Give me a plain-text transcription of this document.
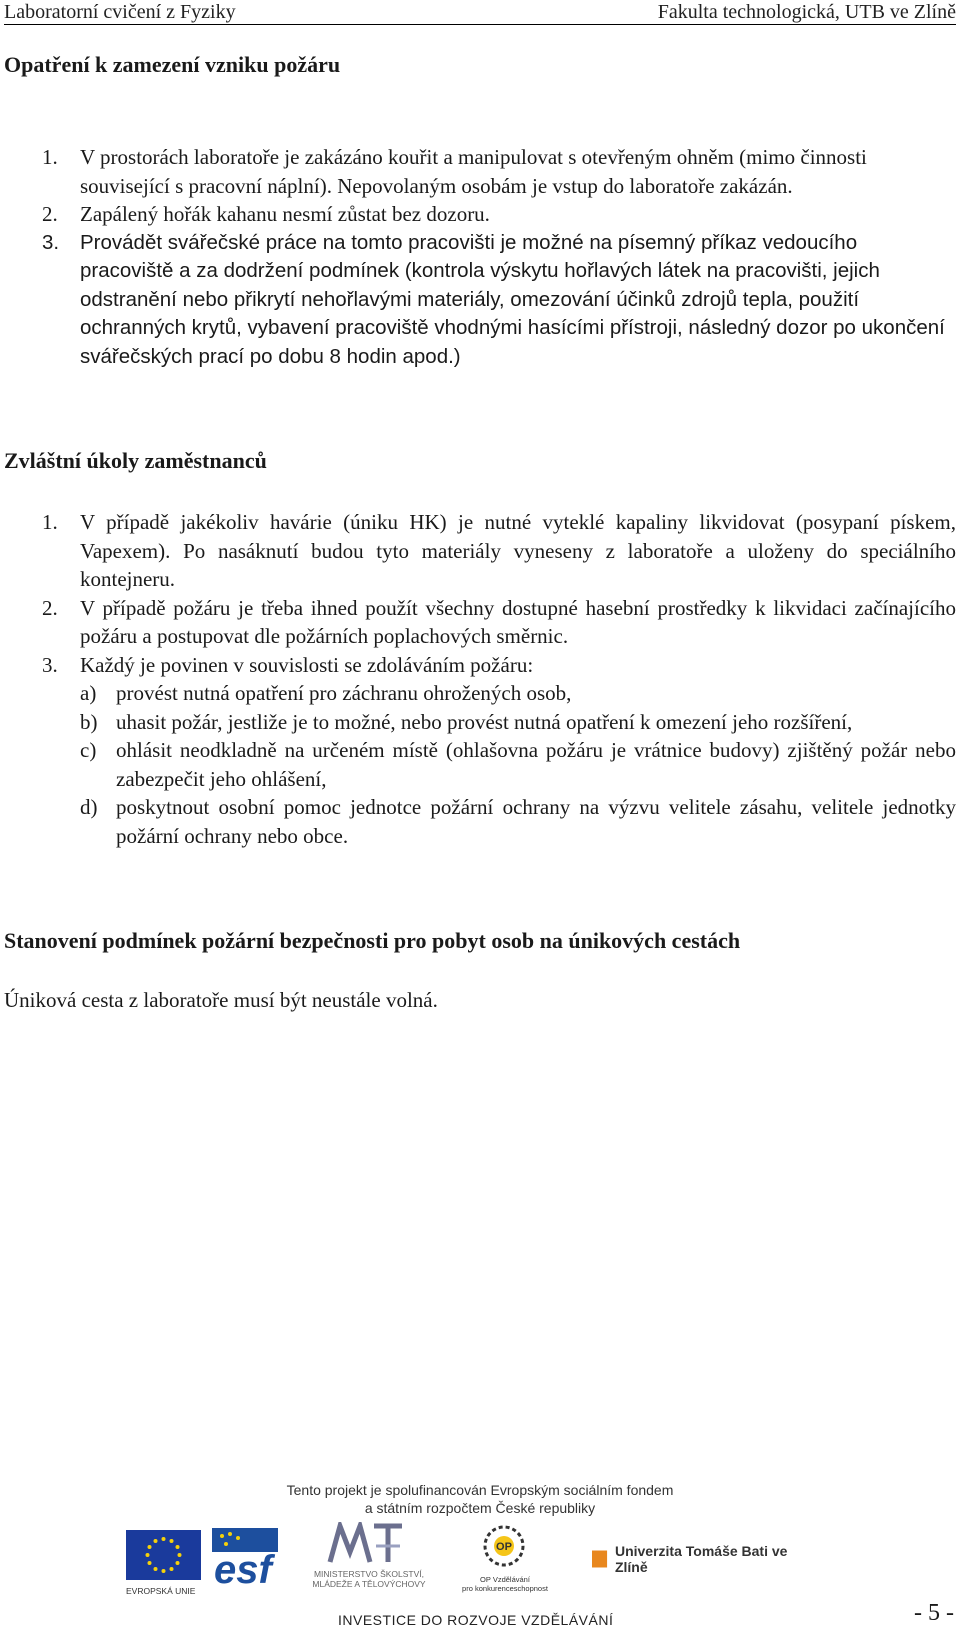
Laboratorní cvičení z Fyziky	Fakulta technologická, UTB ve Zlíně
Opatření k zamezení vzniku požáru
1. V prostorách laboratoře je zakázáno kouřit a manipulovat s otevřeným ohněm (mimo činnosti související s pracovní náplní). Nepovolaným osobám je vstup do laboratoře zakázán.
2. Zapálený hořák kahanu nesmí zůstat bez dozoru.
3. Provádět svářečské práce na tomto pracovišti je možné na písemný příkaz vedoucího pracoviště a za dodržení podmínek (kontrola výskytu hořlavých látek na pracovišti, jejich odstranění nebo přikrytí nehořlavými materiály, omezování účinků zdrojů tepla, použití ochranných krytů, vybavení pracoviště vhodnými hasícími přístroji, následný dozor po ukončení svářečských prací po dobu 8 hodin apod.)
Zvláštní úkoly zaměstnanců
1. V případě jakékoliv havárie (úniku HK) je nutné vyteklé kapaliny likvidovat (posypaní pískem, Vapexem). Po nasáknutí budou tyto materiály vyneseny z laboratoře a uloženy do speciálního kontejneru.
2. V případě požáru je třeba ihned použít všechny dostupné hasební prostředky k likvidaci začínajícího požáru a postupovat dle požárních poplachových směrnic.
3. Každý je povinen v souvislosti se zdoláváním požáru:
a) provést nutná opatření pro záchranu ohrožených osob,
b) uhasit požár, jestliže je to možné, nebo provést nutná opatření k omezení jeho rozšíření,
c) ohlásit neodkladně na určeném místě (ohlašovna požáru je vrátnice budovy) zjištěný požár nebo zabezpečit jeho ohlášení,
d) poskytnout osobní pomoc jednotce požární ochrany na výzvu velitele zásahu, velitele jednotky požární ochrany nebo obce.
Stanovení podmínek požární bezpečnosti pro pobyt osob na únikových cestách

Úniková cesta z laboratoře musí být neustále volná.

Tento projekt je spolufinancován Evropským sociálním fondem
a státním rozpočtem České republiky
EVROPSKÁ UNIE esf	MINISTERSTVO ŠKOLSTVÍ,
MLÁDEŽE A TĚLOVÝCHOVY
OP
OP Vzdělávání
pro konkurenceschopnost
Univerzita Tomáše Bati ve Zlíně
INVESTICE DO ROZVOJE VZDĚLÁVÁNÍ	- 5 -
